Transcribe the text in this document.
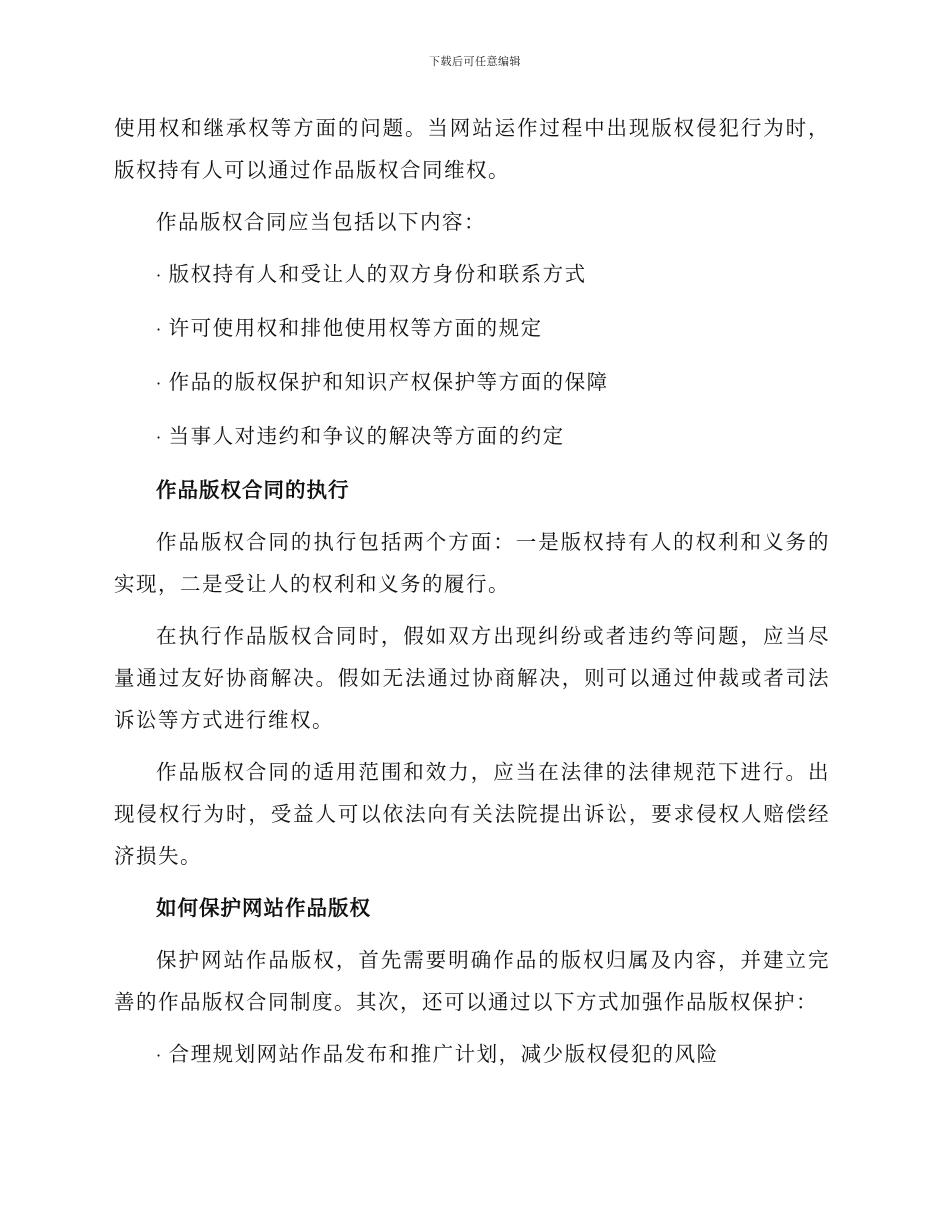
下载后可任意编辑

使用权和继承权等方面的问题。当网站运作过程中出现版权侵犯行为时，版权持有人可以通过作品版权合同维权。

作品版权合同应当包括以下内容：

· 版权持有人和受让人的双方身份和联系方式
· 许可使用权和排他使用权等方面的规定
· 作品的版权保护和知识产权保护等方面的保障
· 当事人对违约和争议的解决等方面的约定
作品版权合同的执行

作品版权合同的执行包括两个方面：一是版权持有人的权利和义务的实现，二是受让人的权利和义务的履行。

在执行作品版权合同时，假如双方出现纠纷或者违约等问题，应当尽量通过友好协商解决。假如无法通过协商解决，则可以通过仲裁或者司法诉讼等方式进行维权。

作品版权合同的适用范围和效力，应当在法律的法律规范下进行。出现侵权行为时，受益人可以依法向有关法院提出诉讼，要求侵权人赔偿经济损失。

如何保护网站作品版权

保护网站作品版权，首先需要明确作品的版权归属及内容，并建立完善的作品版权合同制度。其次，还可以通过以下方式加强作品版权保护：

· 合理规划网站作品发布和推广计划，减少版权侵犯的风险
